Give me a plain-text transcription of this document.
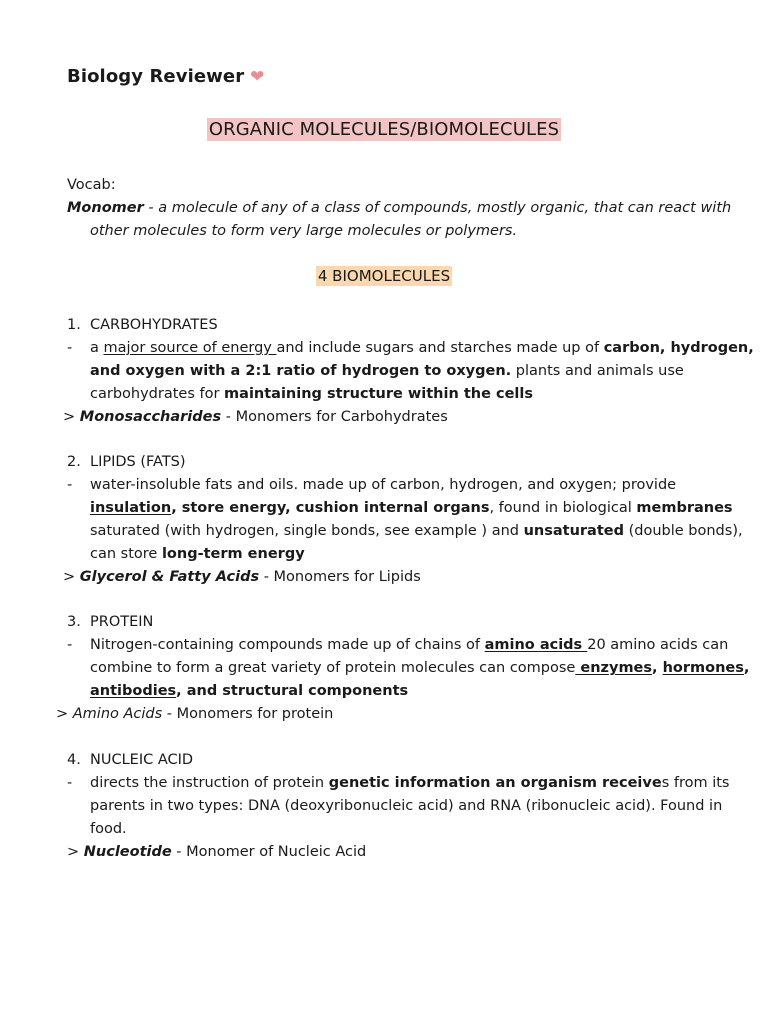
Biology Reviewer ❤
ORGANIC MOLECULES/BIOMOLECULES
Vocab:
Monomer - a molecule of any of a class of compounds, mostly organic, that can react with
other molecules to form very large molecules or polymers.
4 BIOMOLECULES
1. CARBOHYDRATES
- a major source of energy and include sugars and starches made up of carbon, hydrogen,
and oxygen with a 2:1 ratio of hydrogen to oxygen. plants and animals use
carbohydrates for maintaining structure within the cells
> Monosaccharides - Monomers for Carbohydrates
2. LIPIDS (FATS)
- water-insoluble fats and oils. made up of carbon, hydrogen, and oxygen; provide
insulation, store energy, cushion internal organs, found in biological membranes
saturated (with hydrogen, single bonds, see example ) and unsaturated (double bonds),
can store long-term energy
> Glycerol & Fatty Acids - Monomers for Lipids
3. PROTEIN
- Nitrogen-containing compounds made up of chains of amino acids 20 amino acids can
combine to form a great variety of protein molecules can compose enzymes, hormones,
antibodies, and structural components
> Amino Acids - Monomers for protein
4. NUCLEIC ACID
- directs the instruction of protein genetic information an organism receives from its
parents in two types: DNA (deoxyribonucleic acid) and RNA (ribonucleic acid). Found in
food.
> Nucleotide - Monomer of Nucleic Acid
